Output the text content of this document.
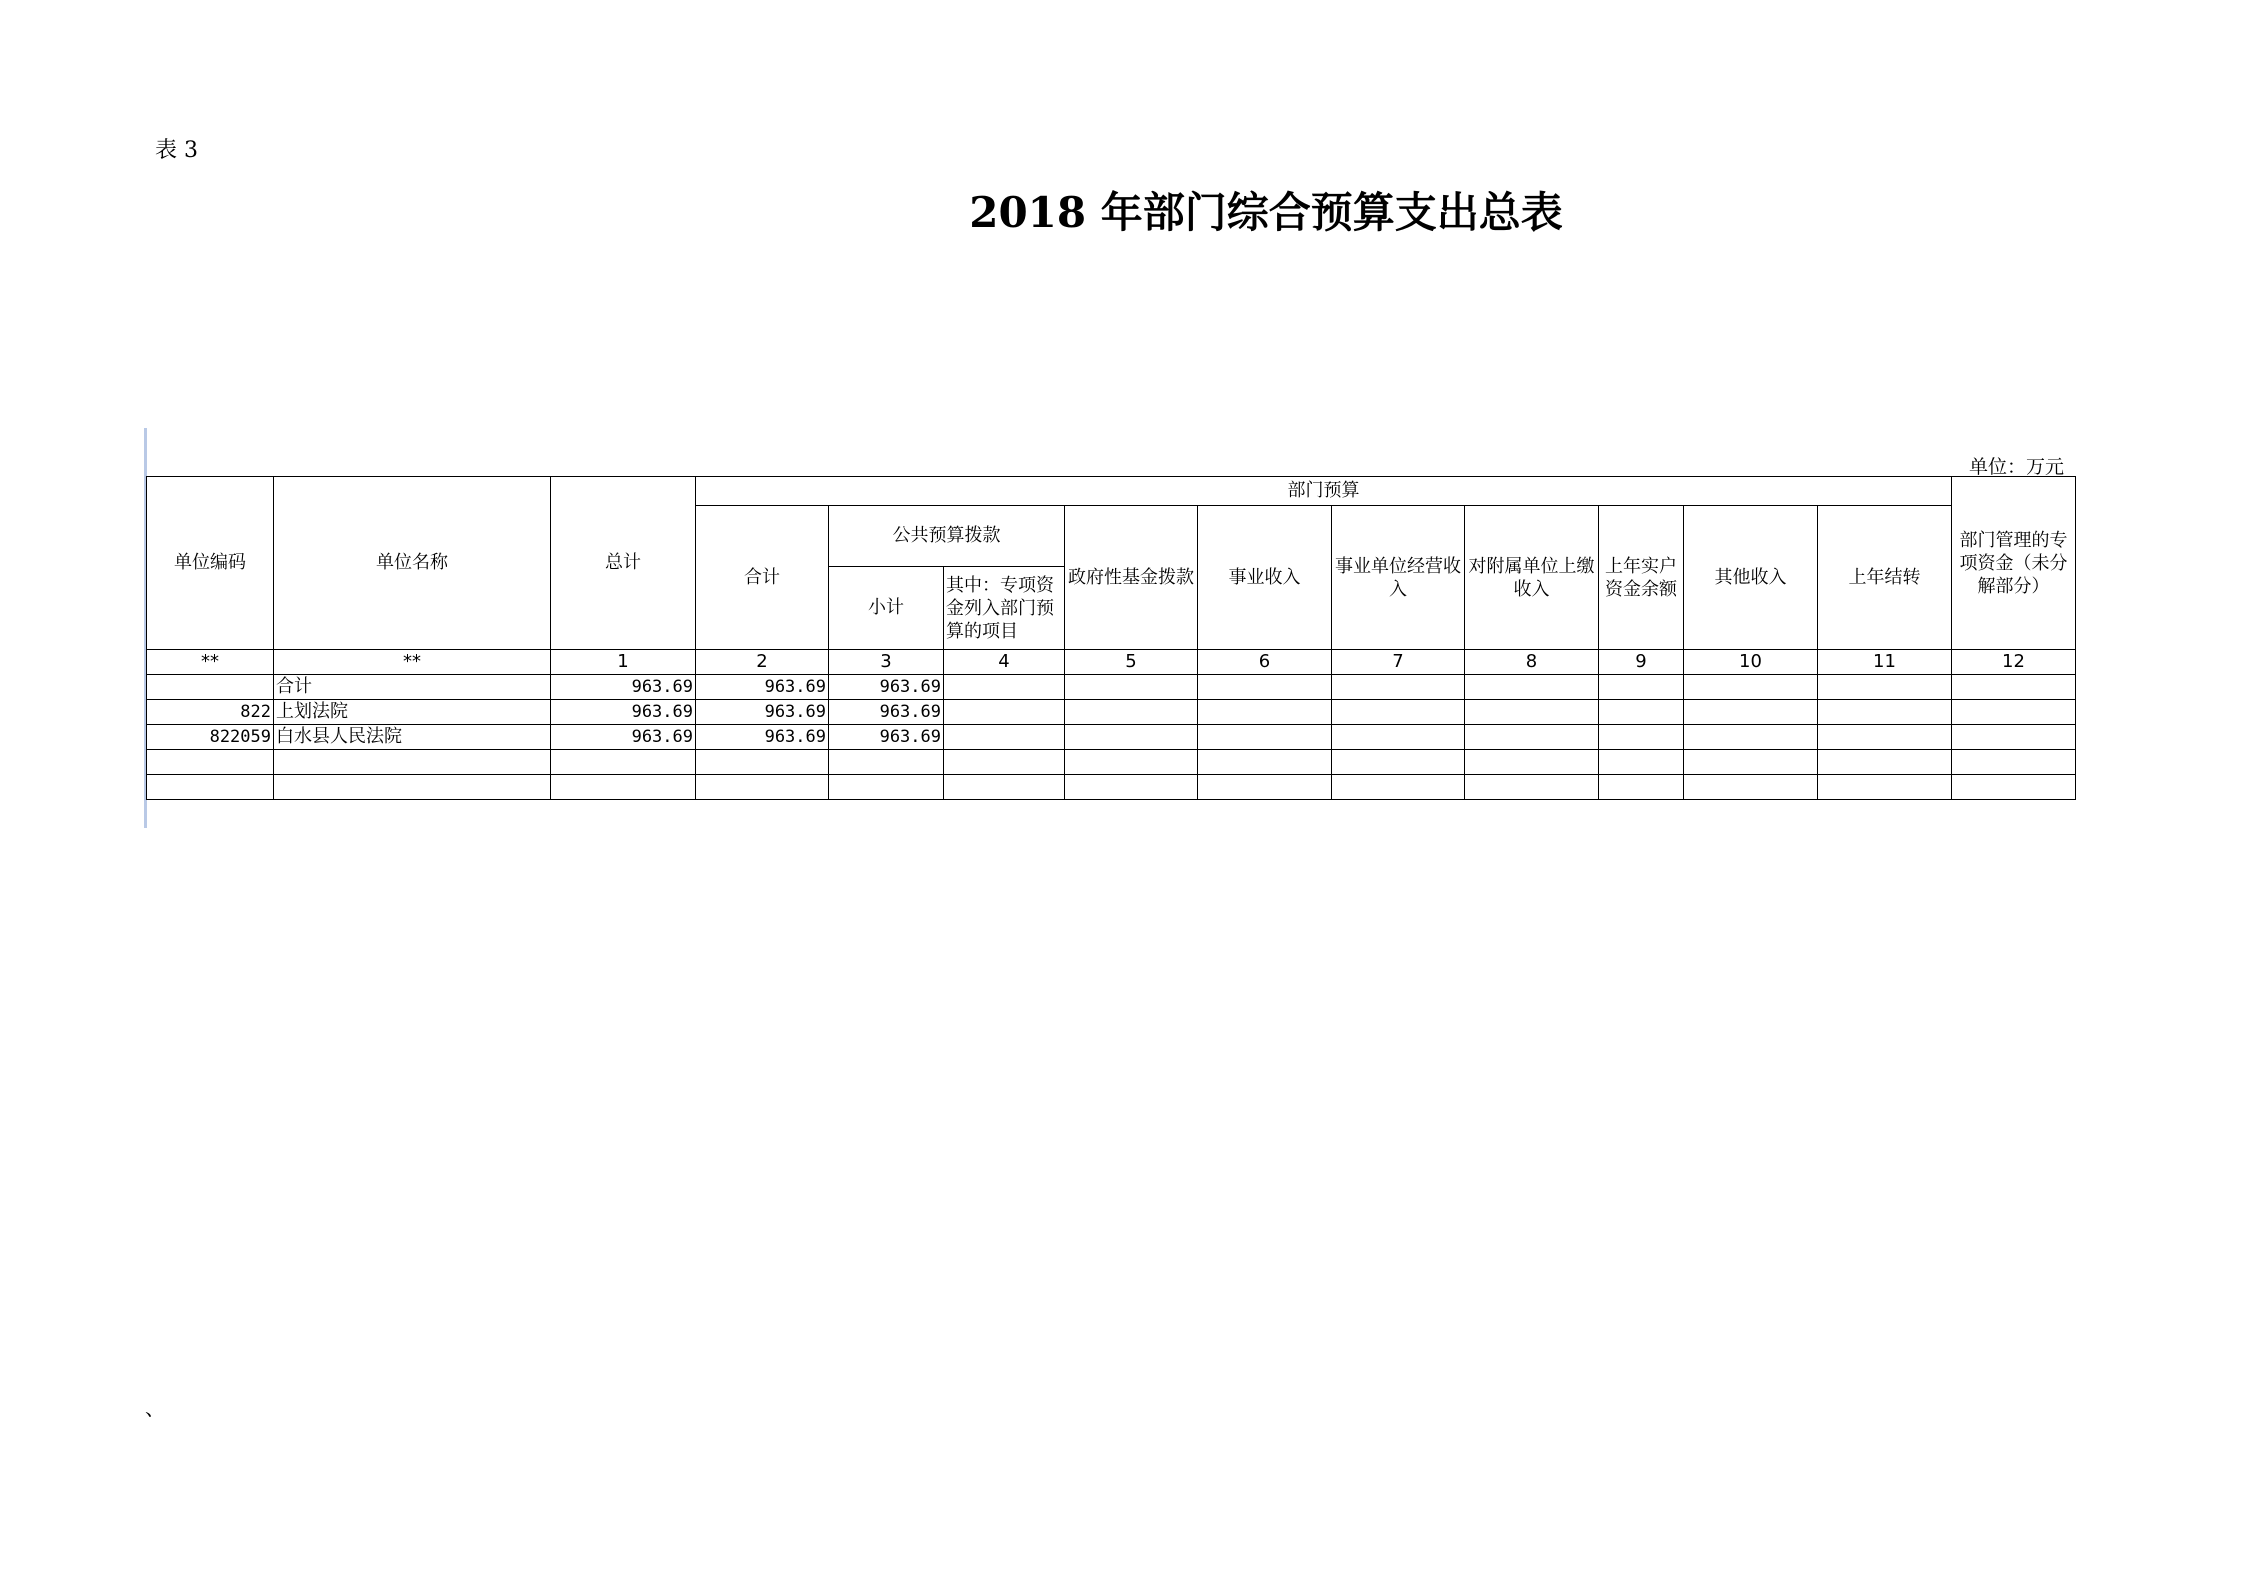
表 3
2018 年部门综合预算支出总表
单位：万元
单位编码	单位名称	总计	部门预算										部门管理的专项资金（未分解部分）
			合计	公共预算拨款		政府性基金拨款	事业收入	事业单位经营收入	对附属单位上缴收入	上年实户资金余额	其他收入	上年结转	
				小计	其中：专项资金列入部门预算的项目								
**	**	1	2	3	4	5	6	7	8	9	10	11	12
	合计	963.69	963.69	963.69									
822	上划法院	963.69	963.69	963.69									
822059	白水县人民法院	963.69	963.69	963.69									

、
